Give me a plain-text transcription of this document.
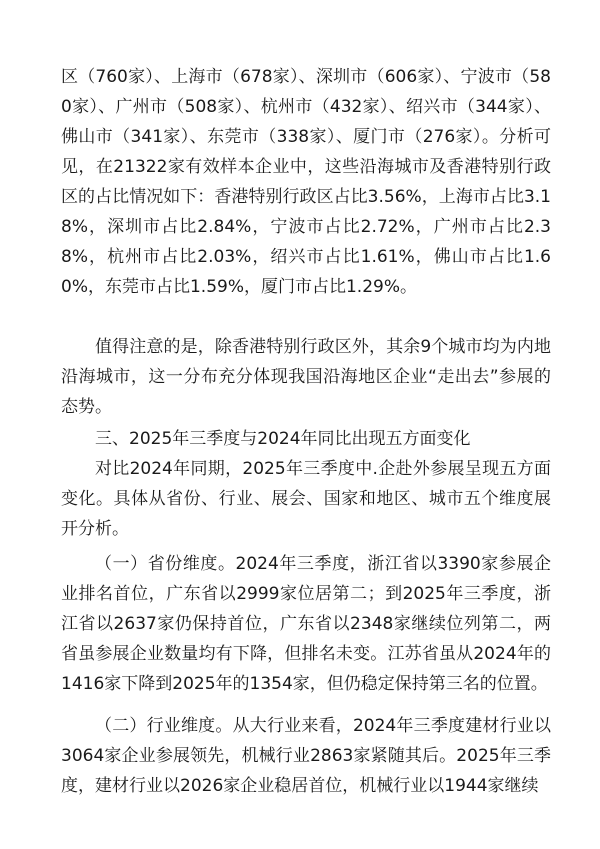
区（760家）、上海市（678家）、深圳市（606家）、宁波市（580家）、广州市（508家）、杭州市（432家）、绍兴市（344家）、佛山市（341家）、东莞市（338家）、厦门市（276家）。分析可见，在21322家有效样本企业中，这些沿海城市及香港特别行政区的占比情况如下：香港特别行政区占比3.56%，上海市占比3.18%，深圳市占比2.84%，宁波市占比2.72%，广州市占比2.38%，杭州市占比2.03%，绍兴市占比1.61%，佛山市占比1.60%，东莞市占比1.59%，厦门市占比1.29%。

值得注意的是，除香港特别行政区外，其余9个城市均为内地沿海城市，这一分布充分体现我国沿海地区企业“走出去”参展的态势。

三、2025年三季度与2024年同比出现五方面变化

对比2024年同期，2025年三季度中.企赴外参展呈现五方面变化。具体从省份、行业、展会、国家和地区、城市五个维度展开分析。

（一）省份维度。2024年三季度，浙江省以3390家参展企业排名首位，广东省以2999家位居第二；到2025年三季度，浙江省以2637家仍保持首位，广东省以2348家继续位列第二，两省虽参展企业数量均有下降，但排名未变。江苏省虽从2024年的1416家下降到2025年的1354家，但仍稳定保持第三名的位置。

（二）行业维度。从大行业来看，2024年三季度建材行业以3064家企业参展领先，机械行业2863家紧随其后。2025年三季度，建材行业以2026家企业稳居首位，机械行业以1944家继续
